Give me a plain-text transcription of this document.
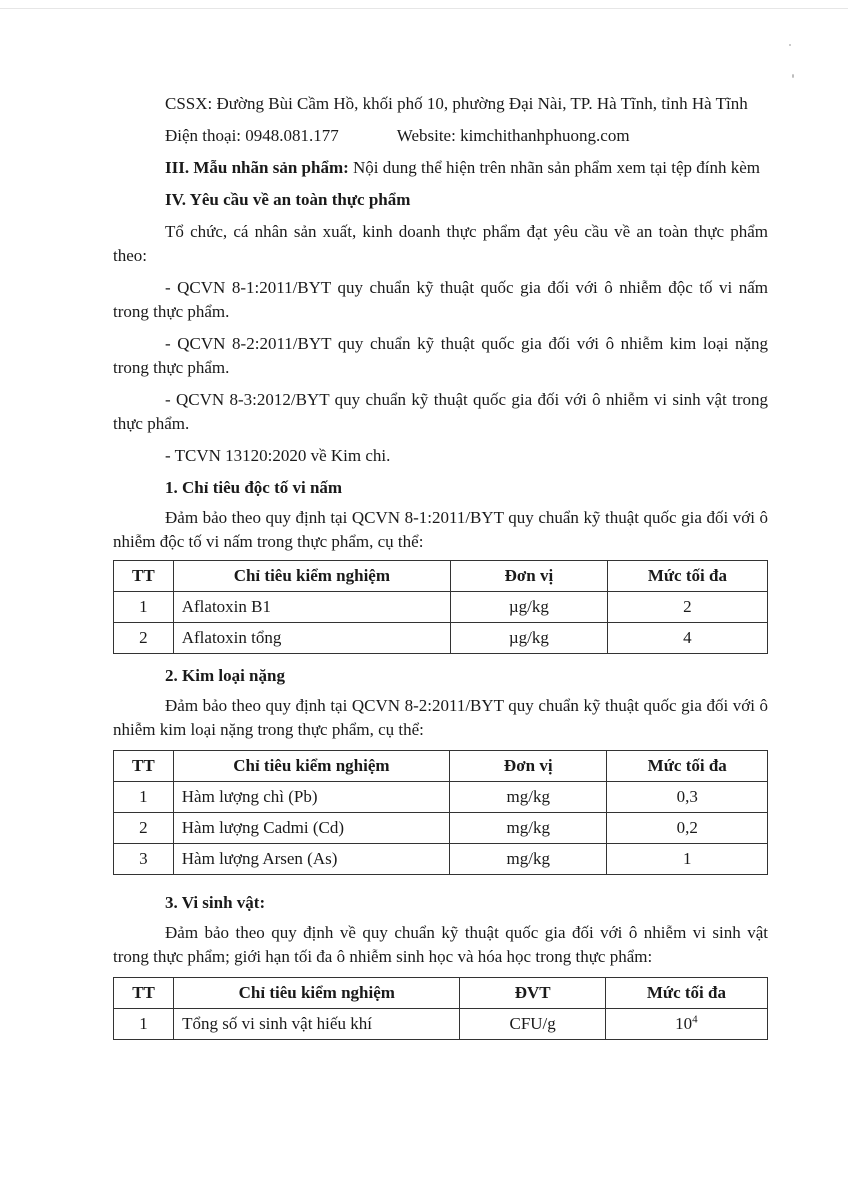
CSSX: Đường Bùi Cầm Hồ, khối phố 10, phường Đại Nài, TP. Hà Tĩnh, tỉnh Hà Tĩnh

Điện thoại: 0948.081.177	Website: kimchithanhphuong.com

III. Mẫu nhãn sản phẩm: Nội dung thể hiện trên nhãn sản phẩm xem tại tệp đính kèm

IV. Yêu cầu về an toàn thực phẩm

Tổ chức, cá nhân sản xuất, kinh doanh thực phẩm đạt yêu cầu về an toàn thực phẩm theo:

- QCVN 8-1:2011/BYT quy chuẩn kỹ thuật quốc gia đối với ô nhiễm độc tố vi nấm trong thực phẩm.

- QCVN 8-2:2011/BYT quy chuẩn kỹ thuật quốc gia đối với ô nhiễm kim loại nặng trong thực phẩm.

- QCVN 8-3:2012/BYT quy chuẩn kỹ thuật quốc gia đối với ô nhiễm vi sinh vật trong thực phẩm.

- TCVN 13120:2020 về Kim chi.

1. Chỉ tiêu độc tố vi nấm

Đảm bảo theo quy định tại QCVN 8-1:2011/BYT quy chuẩn kỹ thuật quốc gia đối với ô nhiễm độc tố vi nấm trong thực phẩm, cụ thể:

TT	Chỉ tiêu kiểm nghiệm	Đơn vị	Mức tối đa
1	Aflatoxin B1	µg/kg	2
2	Aflatoxin tổng	µg/kg	4

2. Kim loại nặng

Đảm bảo theo quy định tại QCVN 8-2:2011/BYT quy chuẩn kỹ thuật quốc gia đối với ô nhiễm kim loại nặng trong thực phẩm, cụ thể:

TT	Chỉ tiêu kiểm nghiệm	Đơn vị	Mức tối đa
1	Hàm lượng chì (Pb)	mg/kg	0,3
2	Hàm lượng Cadmi (Cd)	mg/kg	0,2
3	Hàm lượng Arsen (As)	mg/kg	1

3. Vi sinh vật:

Đảm bảo theo quy định về quy chuẩn kỹ thuật quốc gia đối với ô nhiễm vi sinh vật trong thực phẩm; giới hạn tối đa ô nhiễm sinh học và hóa học trong thực phẩm:

TT	Chỉ tiêu kiểm nghiệm	ĐVT	Mức tối đa
1	Tổng số vi sinh vật hiếu khí	CFU/g	$10^4$
